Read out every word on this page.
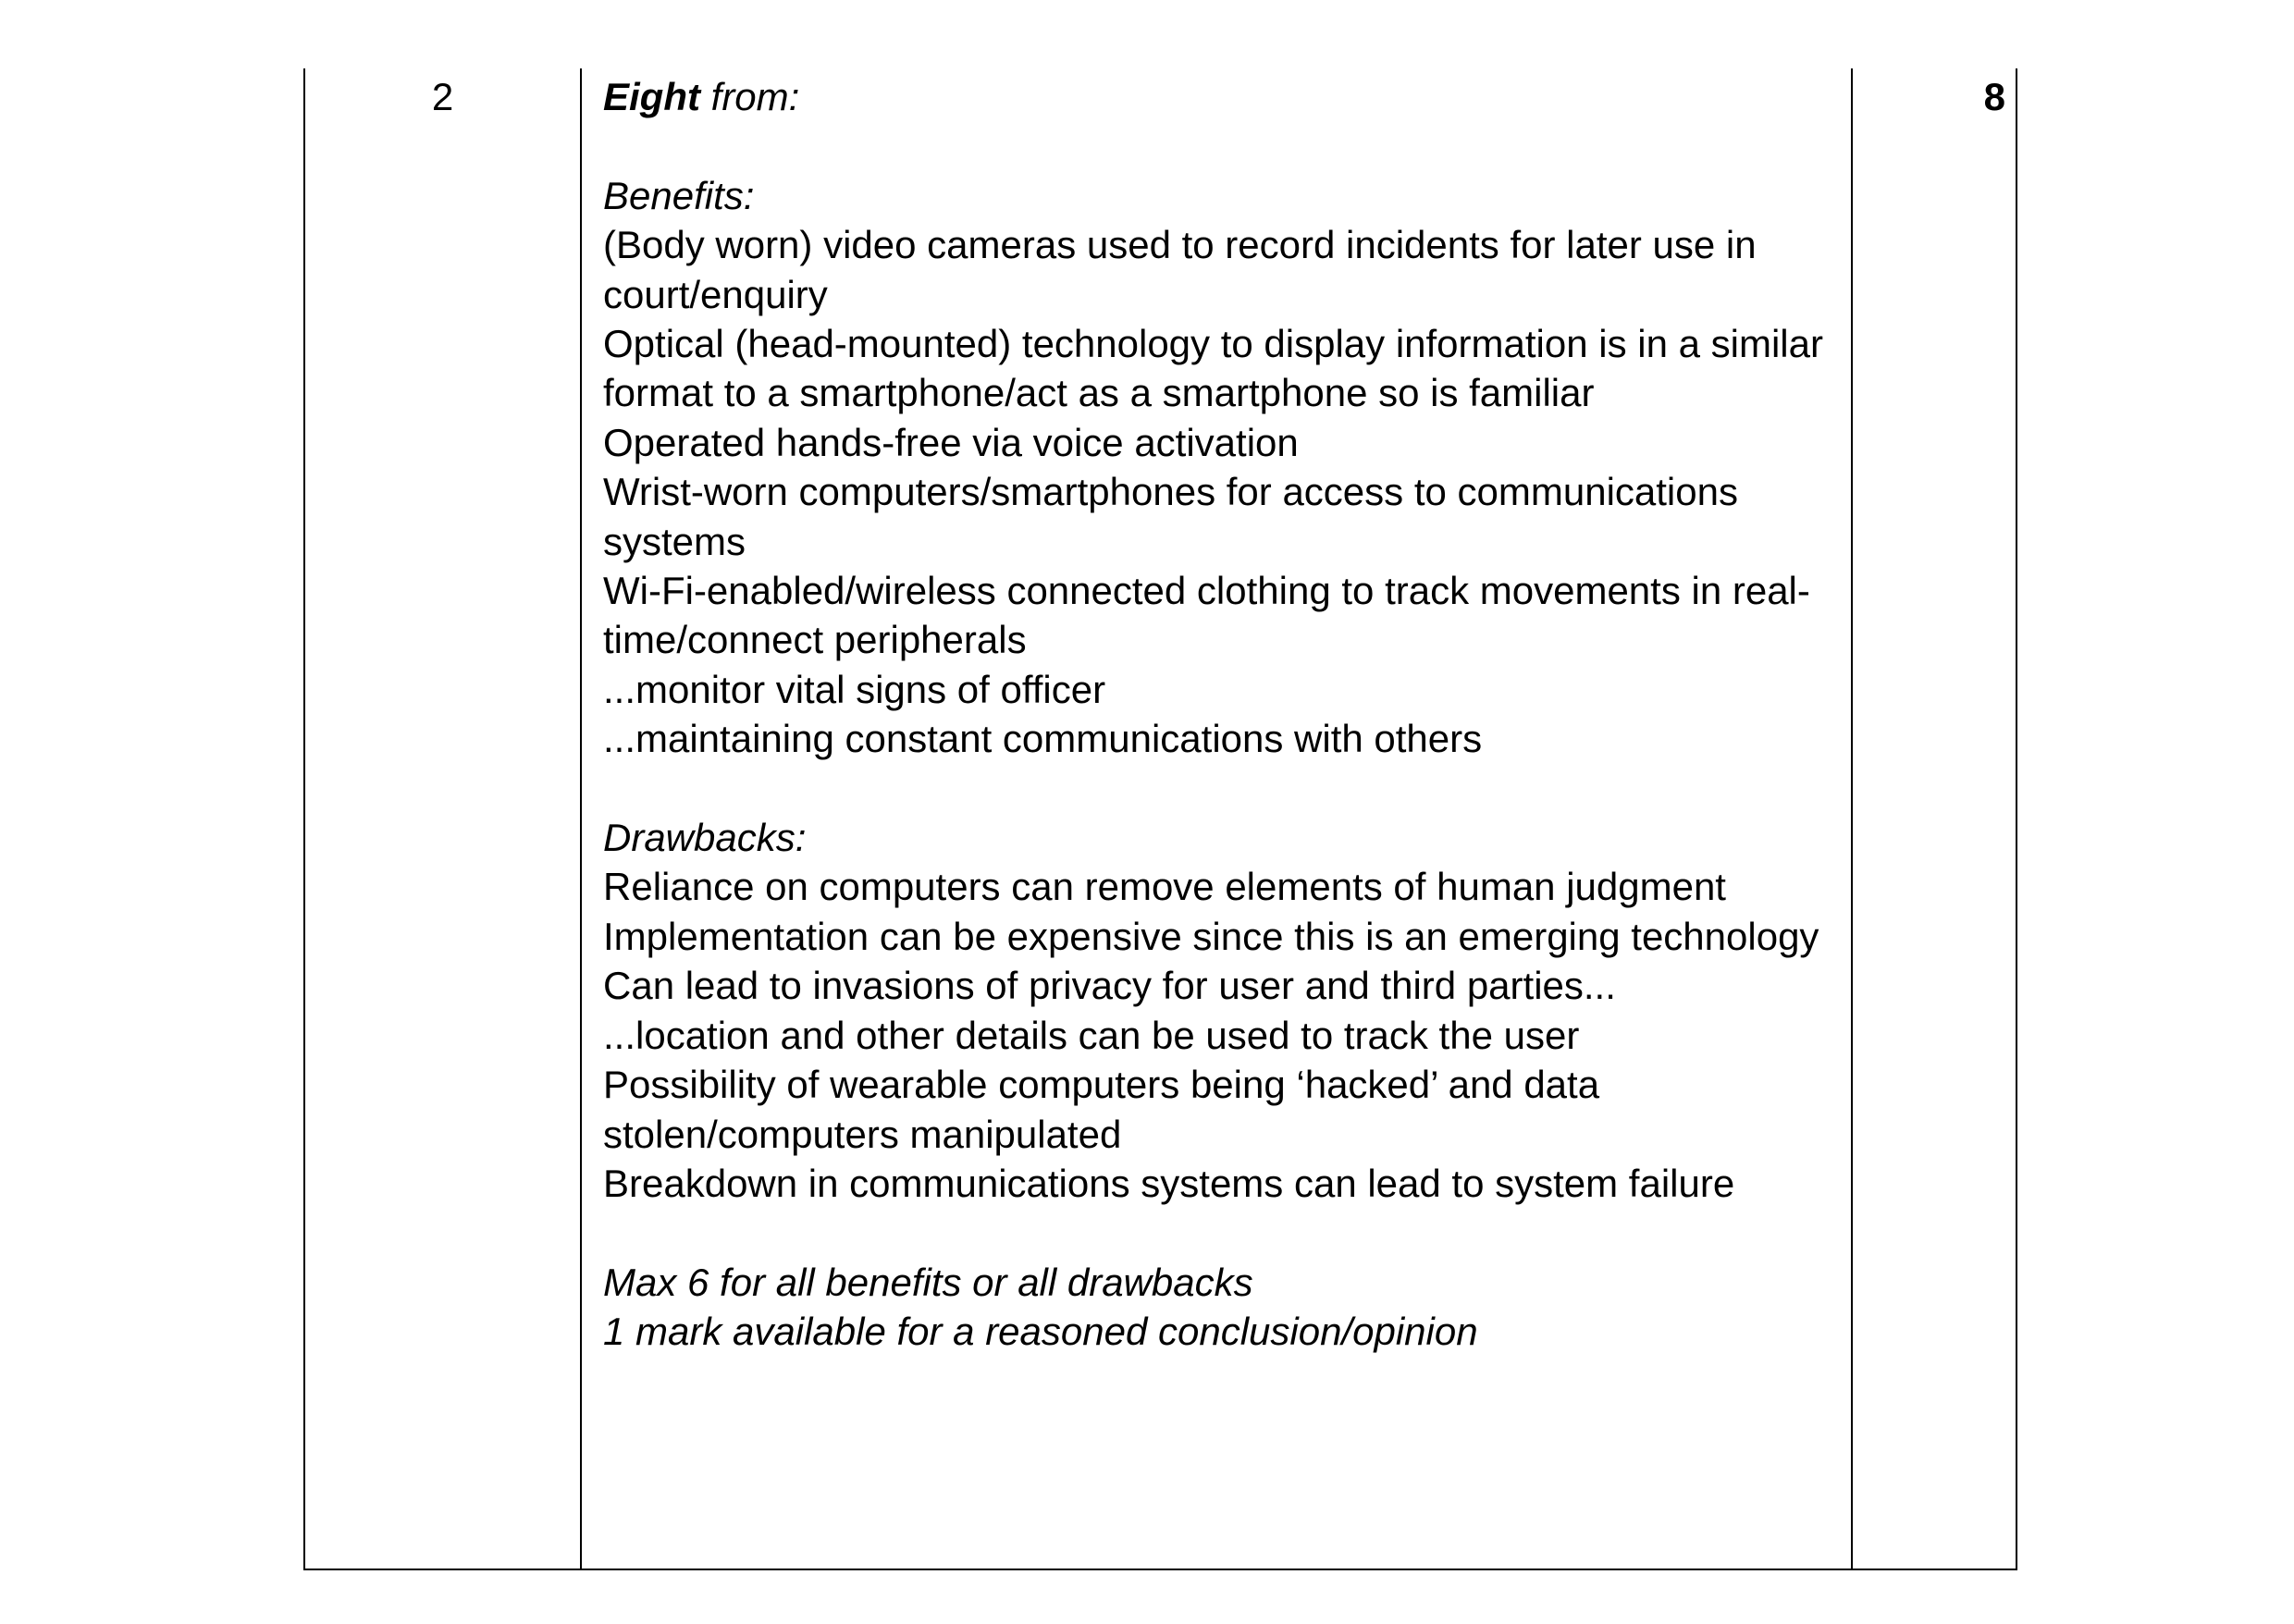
2	Eight from:
Benefits:
(Body worn) video cameras used to record incidents for later use in court/enquiry
Optical (head-mounted) technology to display information is in a similar format to a smartphone/act as a smartphone so is familiar
Operated hands-free via voice activation
Wrist-worn computers/smartphones for access to communications systems
Wi-Fi-enabled/wireless connected clothing to track movements in real-time/connect peripherals
...monitor vital signs of officer
...maintaining constant communications with others
Drawbacks:
Reliance on computers can remove elements of human judgment
Implementation can be expensive since this is an emerging technology
Can lead to invasions of privacy for user and third parties...
...location and other details can be used to track the user
Possibility of wearable computers being ‘hacked’ and data stolen/computers manipulated
Breakdown in communications systems can lead to system failure
Max 6 for all benefits or all drawbacks
1 mark available for a reasoned conclusion/opinion
8
